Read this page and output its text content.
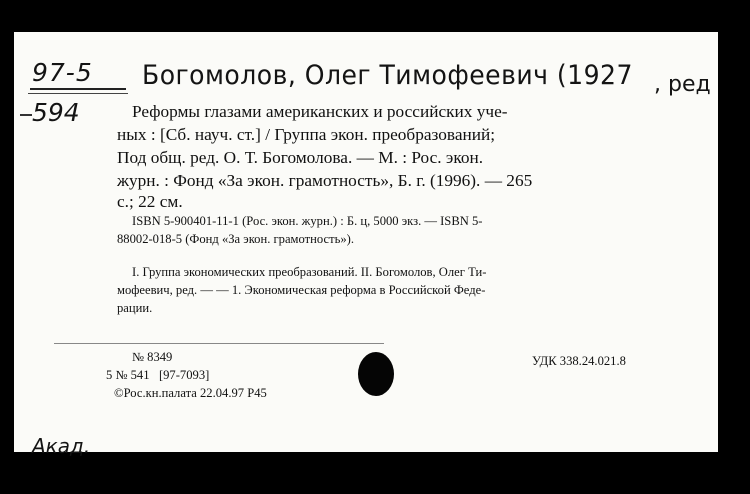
97-5
594
Богомолов, Олег Тимофеевич (1927 , ред
Реформы глазами американских и российских уче-
ных : [Сб. науч. ст.] / Группа экон. преобразований;
Под общ. ред. О. Т. Богомолова. — М. : Рос. экон.
журн. : Фонд «За экон. грамотность», Б. г. (1996). — 265
с.; 22 см.
ISBN 5-900401-11-1 (Рос. экон. журн.) : Б. ц, 5000 экз. — ISBN 5-
88002-018-5 (Фонд «За экон. грамотность»).
I. Группа экономических преобразований. II. Богомолов, Олег Ти-
мофеевич, ред. — — 1. Экономическая реформа в Российской Феде-
рации.
№ 8349	УДК 338.24.021.8
5 № 541   [97-7093]
©Рос.кн.палата 22.04.97 Р45
Акад.
